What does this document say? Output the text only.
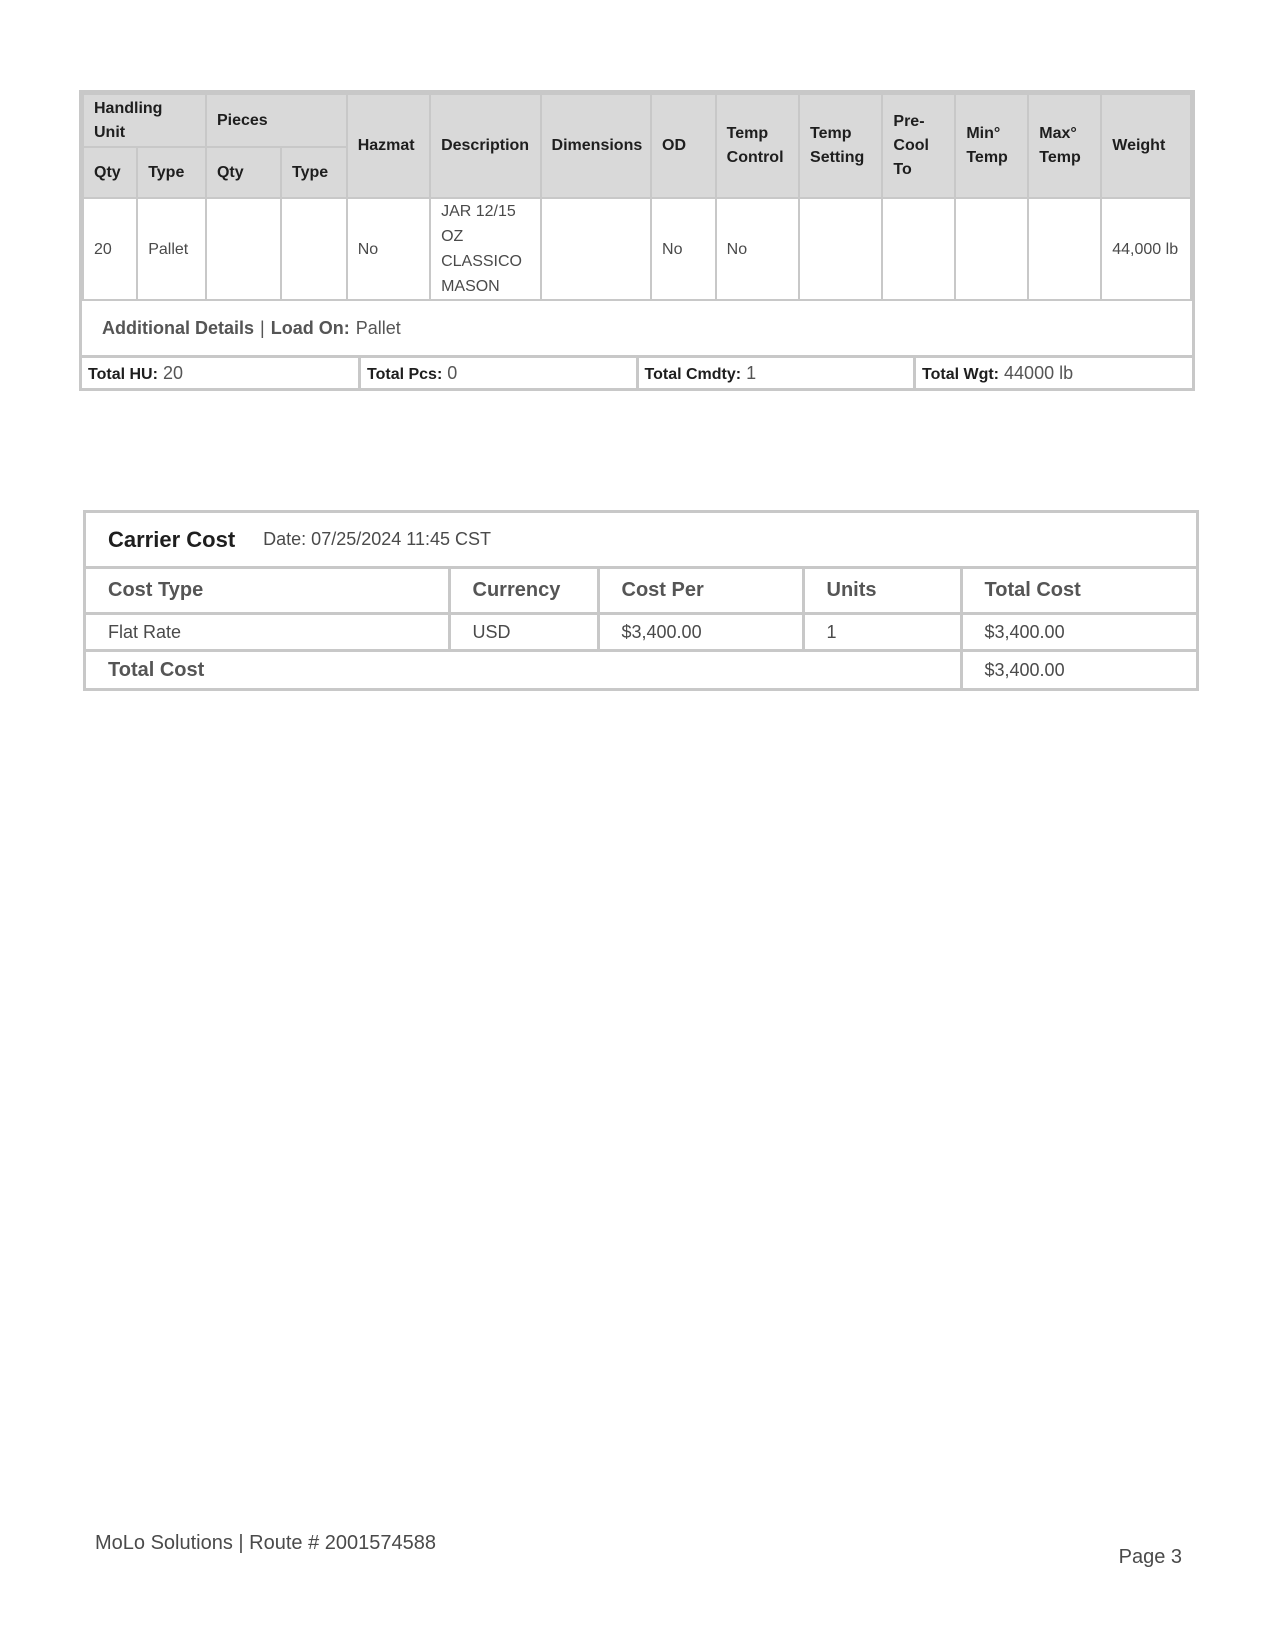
Handling Unit		Pieces		Hazmat	Description	Dimensions	OD	Temp Control	Temp Setting	Pre-Cool To	Min° Temp	Max° Temp	Weight
Qty	Type	Qty	Type										
20	Pallet			No	JAR 12/15 OZ CLASSICO MASON		No	No					44,000 lb
Additional Details | Load On: Pallet
Total HU: 20	Total Pcs: 0	Total Cmdty: 1	Total Wgt: 44000 lb
Carrier Cost Date: 07/25/2024 11:45 CST
Cost Type	Currency	Cost Per	Units	Total Cost
Flat Rate	USD	$3,400.00	1	$3,400.00
Total Cost				$3,400.00
MoLo Solutions | Route # 2001574588
Page 3
